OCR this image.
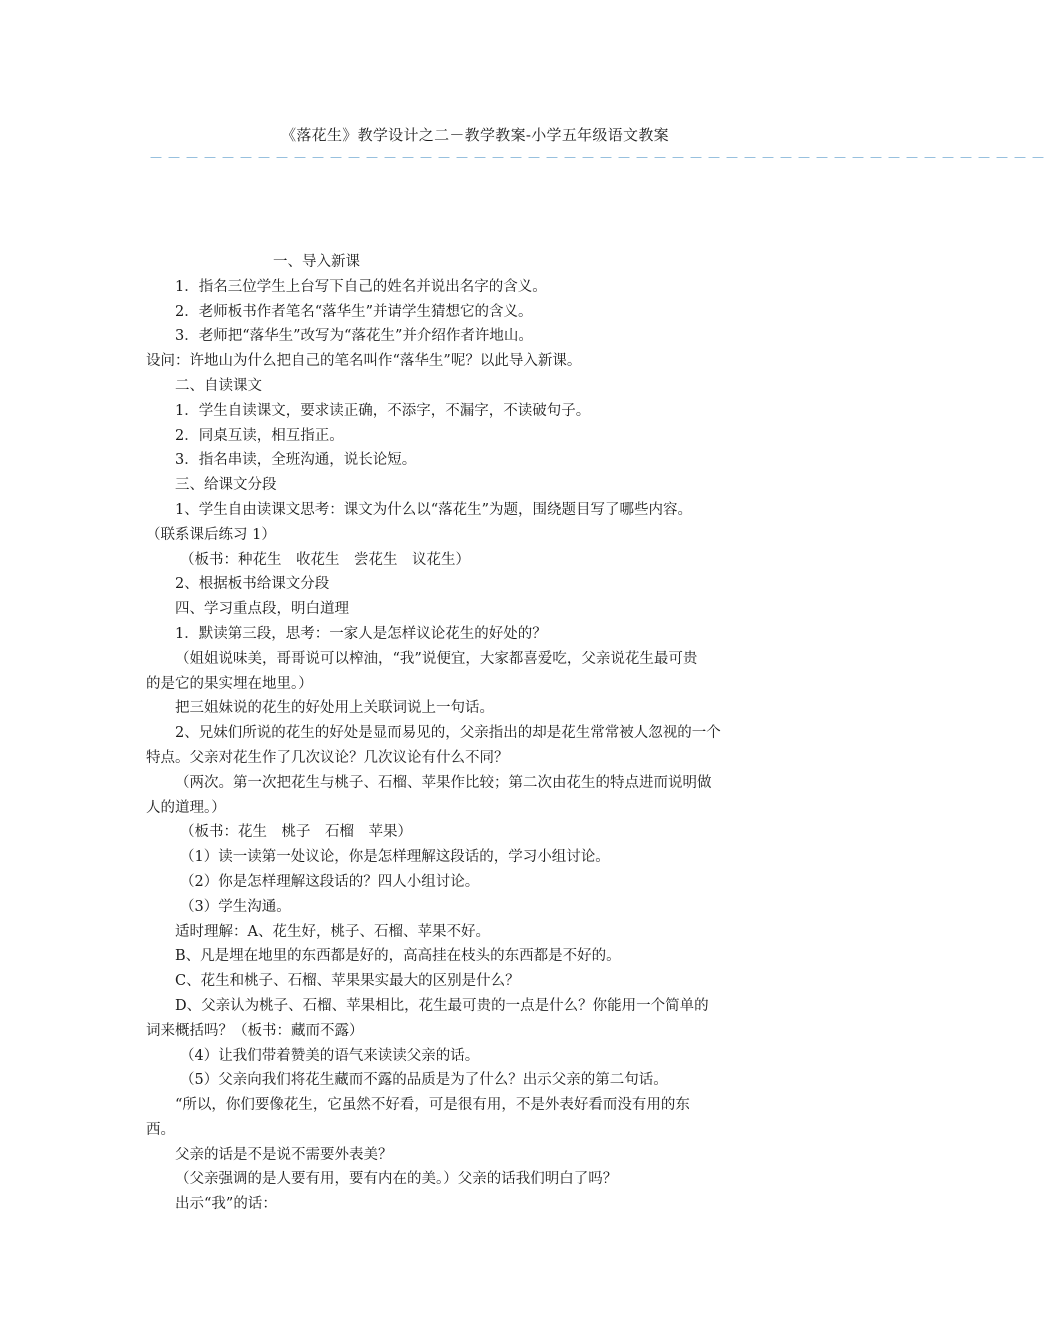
《落花生》教学设计之二－教学教案-小学五年级语文教案
——————————————————————————————————————————————————
一、导入新课
1．指名三位学生上台写下自己的姓名并说出名字的含义。
2．老师板书作者笔名“落华生”并请学生猜想它的含义。
3．老师把“落华生”改写为“落花生”并介绍作者许地山。
设问：许地山为什么把自己的笔名叫作“落华生”呢？以此导入新课。
二、自读课文
1．学生自读课文，要求读正确，不添字，不漏字，不读破句子。
2．同桌互读，相互指正。
3．指名串读，全班沟通，说长论短。
三、给课文分段
1、学生自由读课文思考：课文为什么以“落花生”为题，围绕题目写了哪些内容。
（联系课后练习 1）
（板书：种花生　收花生　尝花生　议花生）
2、根据板书给课文分段
四、学习重点段，明白道理
1．默读第三段，思考：一家人是怎样议论花生的好处的？
（姐姐说味美，哥哥说可以榨油，“我”说便宜，大家都喜爱吃，父亲说花生最可贵
的是它的果实埋在地里。）
把三姐妹说的花生的好处用上关联词说上一句话。
2、兄妹们所说的花生的好处是显而易见的，父亲指出的却是花生常常被人忽视的一个
特点。父亲对花生作了几次议论？几次议论有什么不同？
（两次。第一次把花生与桃子、石榴、苹果作比较；第二次由花生的特点进而说明做
人的道理。）
（板书：花生　桃子　石榴　苹果）
（1）读一读第一处议论，你是怎样理解这段话的，学习小组讨论。
（2）你是怎样理解这段话的？四人小组讨论。
（3）学生沟通。
适时理解：A、花生好，桃子、石榴、苹果不好。
B、凡是埋在地里的东西都是好的，高高挂在枝头的东西都是不好的。
C、花生和桃子、石榴、苹果果实最大的区别是什么？
D、父亲认为桃子、石榴、苹果相比，花生最可贵的一点是什么？你能用一个简单的
词来概括吗？（板书：藏而不露）
（4）让我们带着赞美的语气来读读父亲的话。
（5）父亲向我们将花生藏而不露的品质是为了什么？出示父亲的第二句话。
“所以，你们要像花生，它虽然不好看，可是很有用，不是外表好看而没有用的东
西。
父亲的话是不是说不需要外表美？
（父亲强调的是人要有用，要有内在的美。）父亲的话我们明白了吗？
出示“我”的话：
